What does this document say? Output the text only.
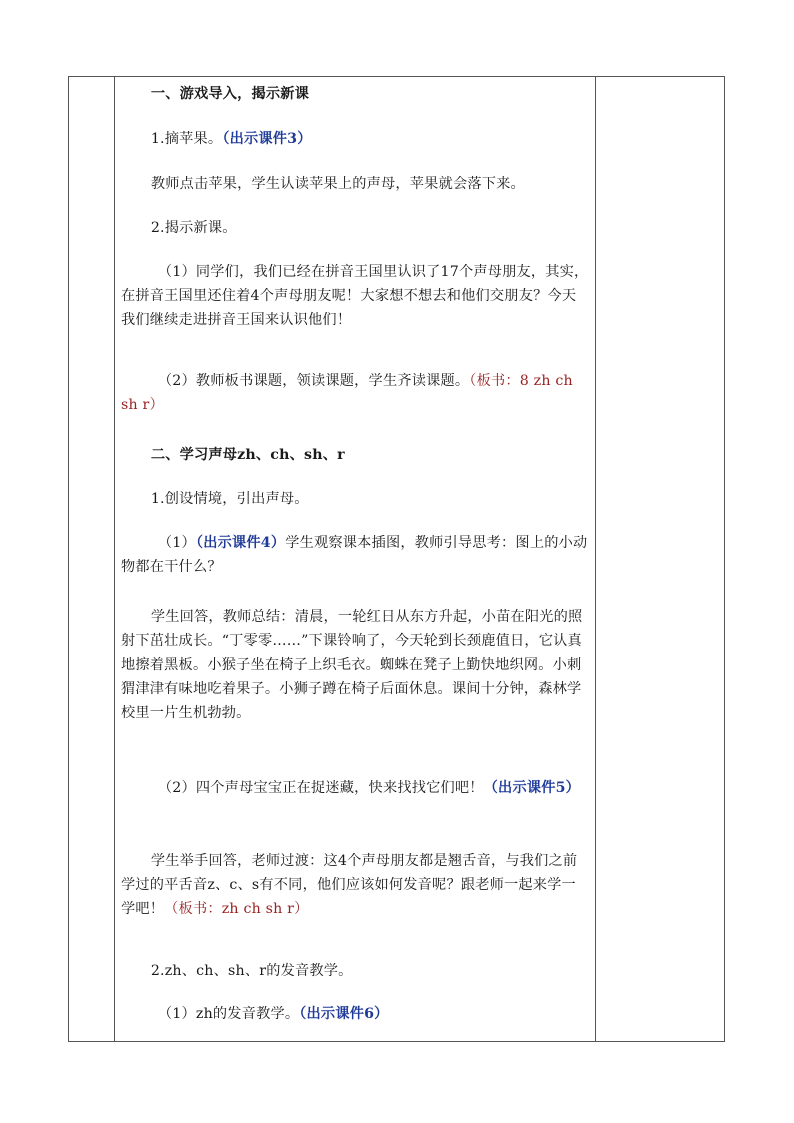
一、游戏导入，揭示新课
1.摘苹果。（出示课件3）
教师点击苹果，学生认读苹果上的声母，苹果就会落下来。
2.揭示新课。
（1）同学们，我们已经在拼音王国里认识了17个声母朋友，其实，在拼音王国里还住着4个声母朋友呢！大家想不想去和他们交朋友？今天我们继续走进拼音王国来认识他们！
（2）教师板书课题，领读课题，学生齐读课题。（板书：8 zh ch sh r）
二、学习声母zh、ch、sh、r
1.创设情境，引出声母。
（1）（出示课件4）学生观察课本插图，教师引导思考：图上的小动物都在干什么？
学生回答，教师总结：清晨，一轮红日从东方升起，小苗在阳光的照射下茁壮成长。“丁零零……”下课铃响了，今天轮到长颈鹿值日，它认真地擦着黑板。小猴子坐在椅子上织毛衣。蜘蛛在凳子上勤快地织网。小刺猬津津有味地吃着果子。小狮子蹲在椅子后面休息。课间十分钟，森林学校里一片生机勃勃。
（2）四个声母宝宝正在捉迷藏，快来找找它们吧！（出示课件5）
学生举手回答，老师过渡：这4个声母朋友都是翘舌音，与我们之前学过的平舌音z、c、s有不同，他们应该如何发音呢？跟老师一起来学一学吧！（板书：zh ch sh r）
2.zh、ch、sh、r的发音教学。
（1）zh的发音教学。（出示课件6）
